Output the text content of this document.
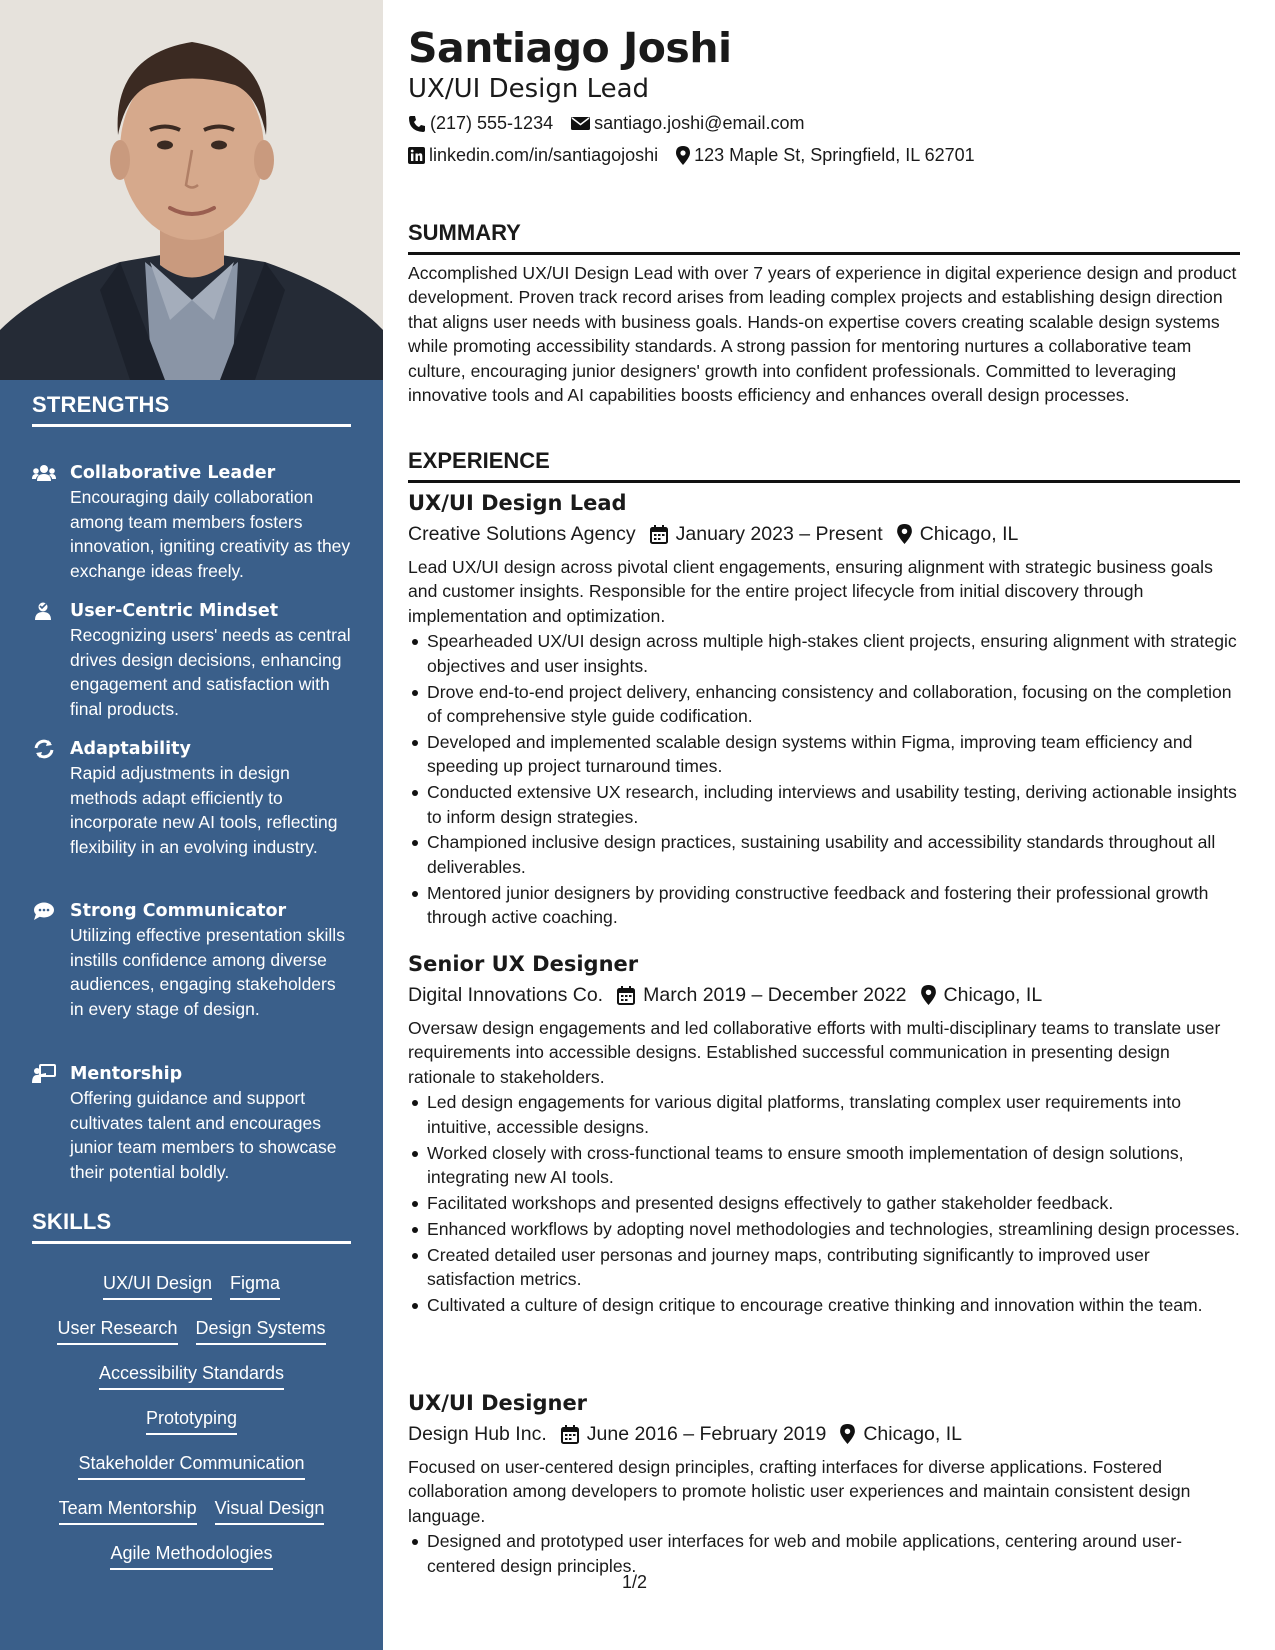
STRENGTHS
Collaborative Leader
Encouraging daily collaboration among team members fosters innovation, igniting creativity as they exchange ideas freely.
User-Centric Mindset
Recognizing users' needs as central drives design decisions, enhancing engagement and satisfaction with final products.
Adaptability
Rapid adjustments in design methods adapt efficiently to incorporate new AI tools, reflecting flexibility in an evolving industry.
Strong Communicator
Utilizing effective presentation skills instills confidence among diverse audiences, engaging stakeholders in every stage of design.
Mentorship
Offering guidance and support cultivates talent and encourages junior team members to showcase their potential boldly.
SKILLS
UX/UI Design Figma
User Research Design Systems
Accessibility Standards
Prototyping
Stakeholder Communication
Team Mentorship Visual Design
Agile Methodologies
Santiago Joshi
UX/UI Design Lead
(217) 555-1234 santiago.joshi@email.com
linkedin.com/in/santiagojoshi 123 Maple St, Springfield, IL 62701
SUMMARY
Accomplished UX/UI Design Lead with over 7 years of experience in digital experience design and product development. Proven track record arises from leading complex projects and establishing design direction that aligns user needs with business goals. Hands-on expertise covers creating scalable design systems while promoting accessibility standards. A strong passion for mentoring nurtures a collaborative team culture, encouraging junior designers' growth into confident professionals. Committed to leveraging innovative tools and AI capabilities boosts efficiency and enhances overall design processes.
EXPERIENCE
UX/UI Design Lead
Creative Solutions Agency January 2023 – Present Chicago, IL
Lead UX/UI design across pivotal client engagements, ensuring alignment with strategic business goals and customer insights. Responsible for the entire project lifecycle from initial discovery through implementation and optimization.
Spearheaded UX/UI design across multiple high-stakes client projects, ensuring alignment with strategic objectives and user insights.
Drove end-to-end project delivery, enhancing consistency and collaboration, focusing on the completion of comprehensive style guide codification.
Developed and implemented scalable design systems within Figma, improving team efficiency and speeding up project turnaround times.
Conducted extensive UX research, including interviews and usability testing, deriving actionable insights to inform design strategies.
Championed inclusive design practices, sustaining usability and accessibility standards throughout all deliverables.
Mentored junior designers by providing constructive feedback and fostering their professional growth through active coaching.
Senior UX Designer
Digital Innovations Co. March 2019 – December 2022 Chicago, IL
Oversaw design engagements and led collaborative efforts with multi-disciplinary teams to translate user requirements into accessible designs. Established successful communication in presenting design rationale to stakeholders.
Led design engagements for various digital platforms, translating complex user requirements into intuitive, accessible designs.
Worked closely with cross-functional teams to ensure smooth implementation of design solutions, integrating new AI tools.
Facilitated workshops and presented designs effectively to gather stakeholder feedback.
Enhanced workflows by adopting novel methodologies and technologies, streamlining design processes.
Created detailed user personas and journey maps, contributing significantly to improved user satisfaction metrics.
Cultivated a culture of design critique to encourage creative thinking and innovation within the team.
UX/UI Designer
Design Hub Inc. June 2016 – February 2019 Chicago, IL
Focused on user-centered design principles, crafting interfaces for diverse applications. Fostered collaboration among developers to promote holistic user experiences and maintain consistent design language.
Designed and prototyped user interfaces for web and mobile applications, centering around user-centered design principles.
1/2
